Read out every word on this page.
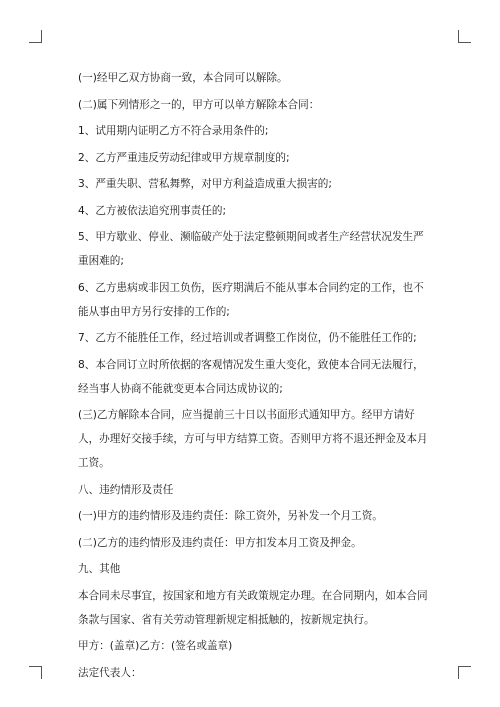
(一)经甲乙双方协商一致，本合同可以解除。

(二)属下列情形之一的，甲方可以单方解除本合同：

1、试用期内证明乙方不符合录用条件的;

2、乙方严重违反劳动纪律或甲方规章制度的;

3、严重失职、营私舞弊，对甲方利益造成重大损害的;

4、乙方被依法追究刑事责任的;

5、甲方歇业、停业、濒临破产处于法定整顿期间或者生产经营状况发生严重困难的;

6、乙方患病或非因工负伤，医疗期满后不能从事本合同约定的工作，也不能从事由甲方另行安排的工作的;

7、乙方不能胜任工作，经过培训或者调整工作岗位，仍不能胜任工作的;

8、本合同订立时所依据的客观情况发生重大变化，致使本合同无法履行，经当事人协商不能就变更本合同达成协议的;

(三)乙方解除本合同，应当提前三十日以书面形式通知甲方。经甲方请好人，办理好交接手续，方可与甲方结算工资。否则甲方将不退还押金及本月工资。

八、违约情形及责任

(一)甲方的违约情形及违约责任：除工资外，另补发一个月工资。

(二)乙方的违约情形及违约责任：甲方扣发本月工资及押金。

九、其他

本合同未尽事宜，按国家和地方有关政策规定办理。在合同期内，如本合同条款与国家、省有关劳动管理新规定相抵触的，按新规定执行。

甲方：(盖章)乙方：(签名或盖章)

法定代表人：
